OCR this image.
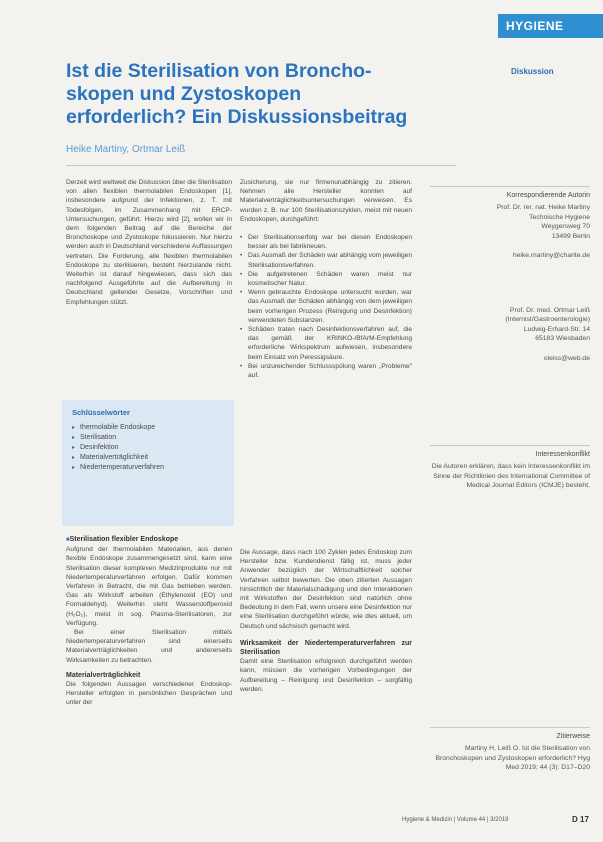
HYGIENE
Diskussion
Ist die Sterilisation von Broncho-skopen und Zystoskopen erforderlich? Ein Diskussionsbeitrag
Heike Martiny, Ortmar Leiß

Derzeit wird weltweit die Diskussion über die Sterilisation von allen flexiblen thermolabilen Endoskopen [1], insbesondere aufgrund der Infektionen, z. T. mit Todesfolgen, im Zusammenhang mit ERCP-Untersuchungen, geführt. Hierzu wird [2], wollen wir in dem folgenden Beitrag auf die Bereiche der Bronchoskope und Zystoskope fokussieren. Nur hierzu werden auch in Deutschland verschiedene Auffassungen vertreten. Die Forderung, alle flexiblen thermolabilen Endoskope zu sterilisieren, besteht hierzulande nicht. Weiterhin ist darauf hingewiesen, dass sich das nachfolgend Ausgeführte auf die Aufbereitung in Deutschland geltender Gesetze, Vorschriften und Empfehlungen stützt.

Schlüsselwörter
▸ thermolabile Endoskope
▸ Sterilisation
▸ Desinfektion
▸ Materialverträglichkeit
▸ Niedertemperaturverfahren

■ Sterilisation flexibler Endoskope

Aufgrund der thermolabilen Materialien, aus denen flexible Endoskope zusammengesetzt sind, kann eine Sterilisation dieser komplexen Medizinprodukte nur mit Niedertemperaturverfahren erfolgen. Dafür kommen Verfahren in Betracht, die mit Gas betrieben werden. Gas als Wirkstoff arbeiten (Ethylenoxid (EO) und Formaldehyd). Weiterhin steht Wasserstoffperoxid (H₂O₂), meist in sog. Plasma-Sterilisatoren, zur Verfügung.

Bei einer Sterilisation mittels Niedertemperaturverfahren sind einerseits Materialverträglichkeiten und andererseits Wirksamkeiten zu betrachten.

Materialverträglichkeit

Die folgenden Aussagen verschiedener Endoskop-Hersteller erfolgten in persönlichen Gesprächen und unter der

Zusicherung, sie nur firmenunabhängig zu zitieren. Nehmen alle Hersteller konnten auf Materialverträglichkeitsuntersuchungen verweisen. Es wurden z. B. nur 100 Sterilisationszyklen, meist mit neuen Endoskopen, durchgeführt:

• Der Sterilisationserfolg war bei diesen Endoskopen besser als bei fabrikneuen.
• Das Ausmaß der Schäden war abhängig vom jeweiligen Sterilisationsverfahren.
• Die aufgetretenen Schäden waren meist nur kosmetischer Natur.
• Wenn gebrauchte Endoskope untersucht wurden, war das Ausmaß der Schäden abhängig von dem jeweiligen beim vorherigen Prozess (Reinigung und Desinfektion) verwendeten Substanzen.
• Schäden traten nach Desinfektionsverfahren auf, die das gemäß der KRINKO-/BfArM-Empfehlung erforderliche Wirkspektrum aufwiesen, insbesondere beim Einsatz von Peressigsäure.
• Bei unzureichender Schlussspülung waren „Probleme" auf.

Die Aussage, dass nach 100 Zyklen jedes Endoskop zum Hersteller bzw. Kundendienst fällig ist, muss jeder Anwender bezüglich der Wirtschaftlichkeit solcher Verfahren selbst bewerten. Die oben zitierten Aussagen hinsichtlich der Materialschädigung und den Interaktionen mit Wirkstoffen der Desinfektion sind natürlich ohne Bedeutung in dem Fall, wenn unsere eine Desinfektion nur eine Sterilisation durchgeführt würde, wie dies aktuell, um Deutsch und sächsisch gemacht wird.

Wirksamkeit der Niedertemperaturverfahren zur Sterilisation

Damit eine Sterilisation erfolgreich durchgeführt werden kann, müssen die vorherigen Vorbedingungen der Aufbereitung – Reinigung und Desinfektion – sorgfältig werden.

Korrespondierende Autorin
Prof. Dr. rer. nat. Heike Martiny
Technische Hygiene
Weygersweg 70
13499 Berlin
heike.martiny@charite.de
Prof. Dr. med. Ortmar Leiß
(Internist/Gastroenterologie)
Ludwig-Erhard-Str. 14
65183 Wiesbaden
oleiss@web.de
Interessenkonflikt
Die Autoren erklären, dass kein Interessenkonflikt im Sinne der Richtlinien des International Committee of Medical Journal Editors (ICMJE) besteht.
Zitierweise
Martiny H, Leiß O. Ist die Sterilisation von Bronchoskopen und Zystoskopen erforderlich? Hyg Med 2019; 44 (3): D17–D20
Hygiene & Medizin | Volume 44 | 3/2019	D 17
